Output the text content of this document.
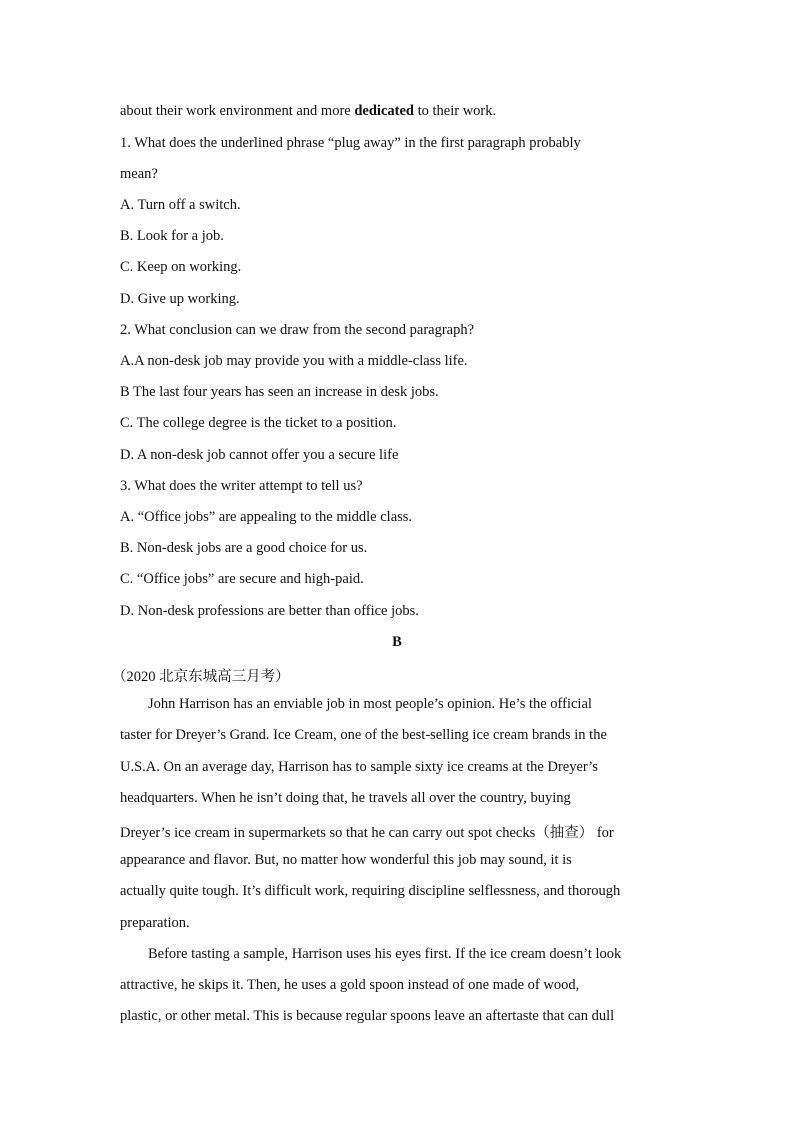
about their work environment and more dedicated to their work.
1. What does the underlined phrase “plug away” in the first paragraph probably
mean?
A. Turn off a switch.
B. Look for a job.
C. Keep on working.
D. Give up working.
2. What conclusion can we draw from the second paragraph?
A.A non-desk job may provide you with a middle-class life.
B The last four years has seen an increase in desk jobs.
C. The college degree is the ticket to a position.
D. A non-desk job cannot offer you a secure life
3. What does the writer attempt to tell us?
A. “Office jobs” are appealing to the middle class.
B. Non-desk jobs are a good choice for us.
C. “Office jobs” are secure and high-paid.
D. Non-desk professions are better than office jobs.
B
（2020 北京东城高三月考）
John Harrison has an enviable job in most people’s opinion. He’s the official
taster for Dreyer’s Grand. Ice Cream, one of the best-selling ice cream brands in the
U.S.A. On an average day, Harrison has to sample sixty ice creams at the Dreyer’s
headquarters. When he isn’t doing that, he travels all over the country, buying
Dreyer’s ice cream in supermarkets so that he can carry out spot checks（抽查） for
appearance and flavor. But, no matter how wonderful this job may sound, it is
actually quite tough. It’s difficult work, requiring discipline selflessness, and thorough
preparation.
Before tasting a sample, Harrison uses his eyes first. If the ice cream doesn’t look
attractive, he skips it. Then, he uses a gold spoon instead of one made of wood,
plastic, or other metal. This is because regular spoons leave an aftertaste that can dull
